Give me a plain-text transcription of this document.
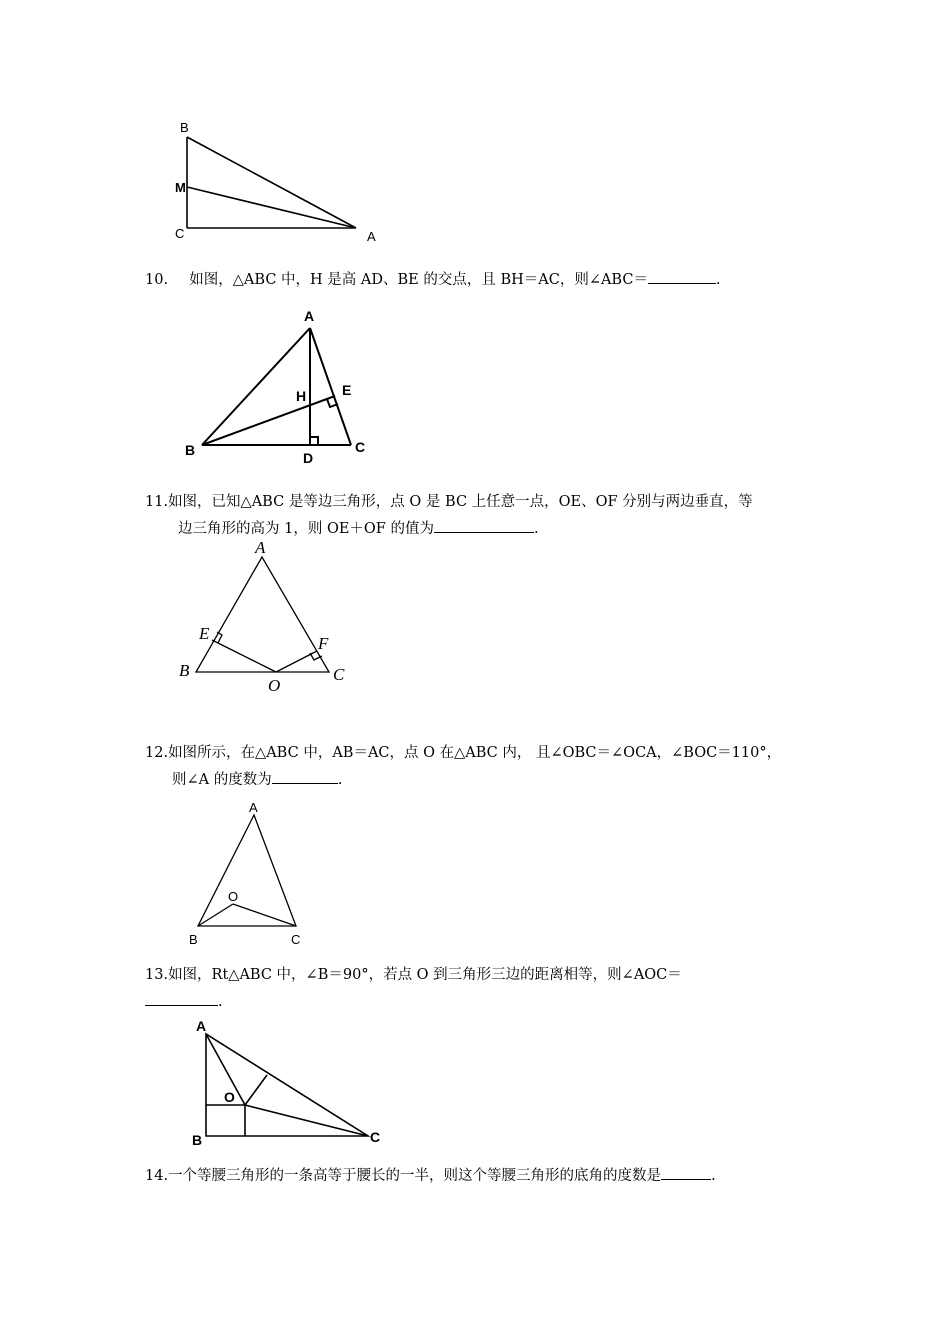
B
M
C	A
10. 如图，△ABC 中，H 是高 AD、BE 的交点，且 BH＝AC，则∠ABC＝	.
A
H	E
B	D
C
11.如图，已知△ABC 是等边三角形，点 O 是 BC 上任意一点，OE、OF 分别与两边垂直，等
边三角形的高为 1，则 OE＋OF 的值为	.
A
E
F
B
O
C
12.如图所示，在△ABC 中，AB＝AC，点 O 在△ABC 内， 且∠OBC＝∠OCA，∠BOC＝110°，
则∠A 的度数为	.
A
O
B	C
13.如图，Rt△ABC 中，∠B＝90°，若点 O 到三角形三边的距离相等，则∠AOC＝
.
A
O
B	C
14.一个等腰三角形的一条高等于腰长的一半，则这个等腰三角形的底角的度数是	.
